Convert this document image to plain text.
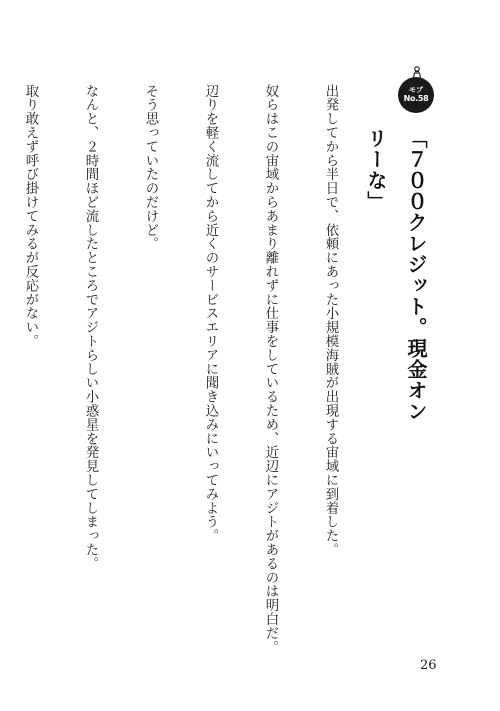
モブ
No.58
「７００クレジット。現金オンリーな」

出発してから半日で、依頼にあった小規模海賊が出現する宙域に到着した。

奴らはこの宙域からあまり離れずに仕事をしているため、近辺にアジトがあるのは明白だ。

辺りを軽く流してから近くのサービスエリアに聞き込みにいってみよう。

そう思っていたのだけど。

なんと、２時間ほど流したところでアジトらしい小惑星を発見してしまった。

取り敢えず呼び掛けてみるが反応がない。

26
